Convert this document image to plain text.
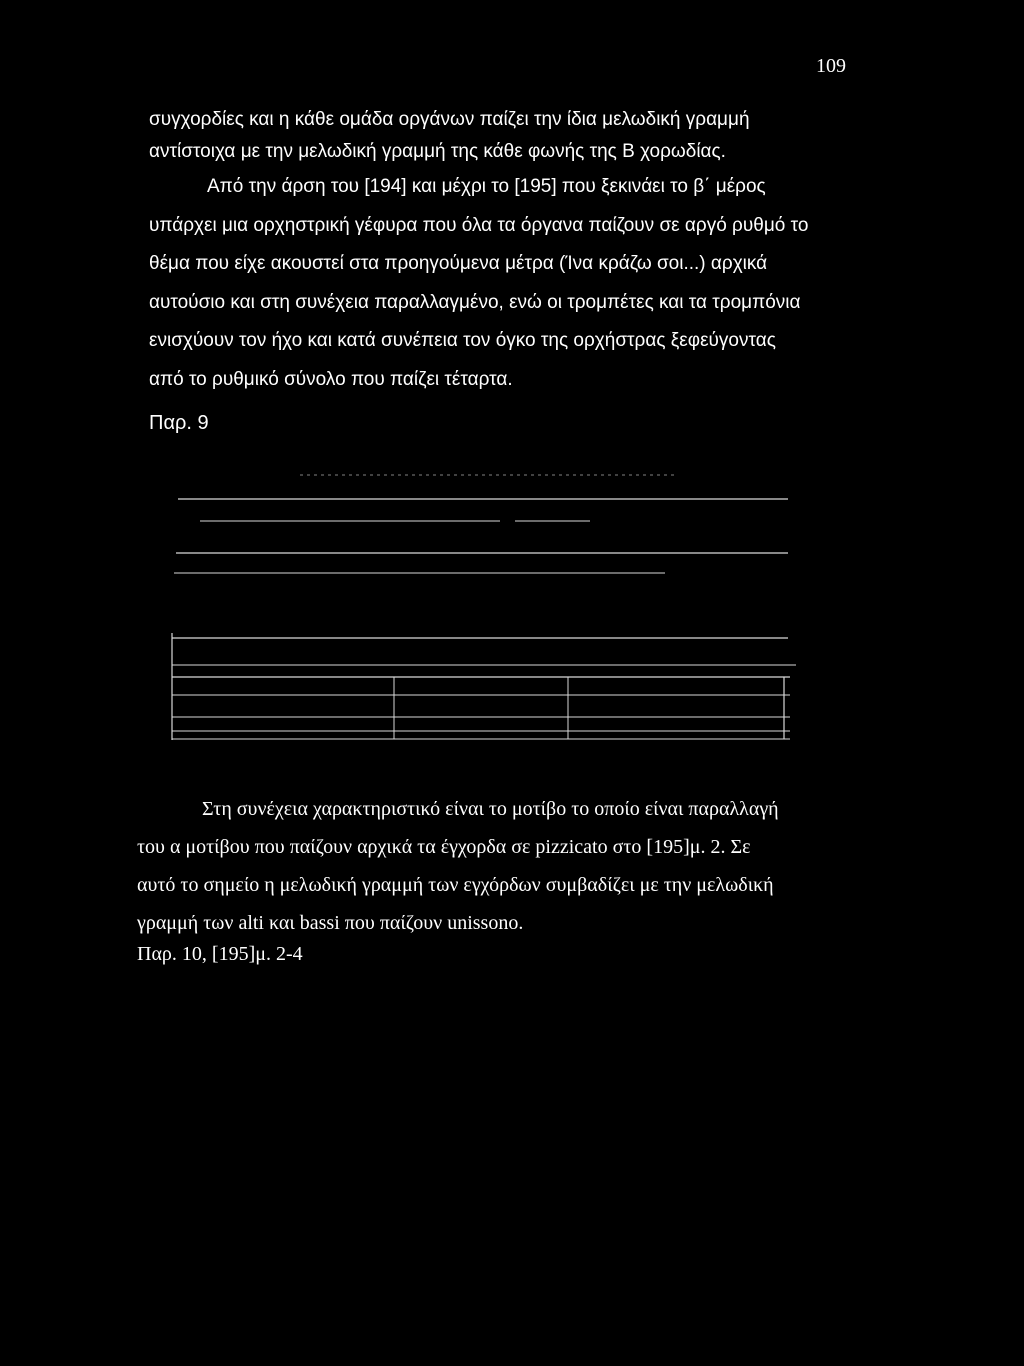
109

συγχορδίες και η κάθε ομάδα οργάνων παίζει την ίδια μελωδική γραμμή
αντίστοιχα με την μελωδική γραμμή της κάθε φωνής της Β χορωδίας.
Από την άρση του [194] και μέχρι το [195] που ξεκινάει το β΄ μέρος
υπάρχει μια ορχηστρική γέφυρα που όλα τα όργανα παίζουν σε αργό ρυθμό το
θέμα που είχε ακουστεί στα προηγούμενα μέτρα (Ίνα κράζω σοι...) αρχικά
αυτούσιο και στη συνέχεια παραλλαγμένο, ενώ οι τρομπέτες και τα τρομπόνια
ενισχύουν τον ήχο και κατά συνέπεια τον όγκο της ορχήστρας ξεφεύγοντας
από το ρυθμικό σύνολο που παίζει τέταρτα.

Παρ. 9

Στη συνέχεια χαρακτηριστικό είναι το μοτίβο το οποίο είναι παραλλαγή
του α μοτίβου που παίζουν αρχικά τα έγχορδα σε pizzicato στο [195]μ. 2. Σε
αυτό το σημείο η μελωδική γραμμή των εγχόρδων συμβαδίζει με την μελωδική
γραμμή των alti και bassi που παίζουν unissono.

Παρ. 10, [195]μ. 2-4
